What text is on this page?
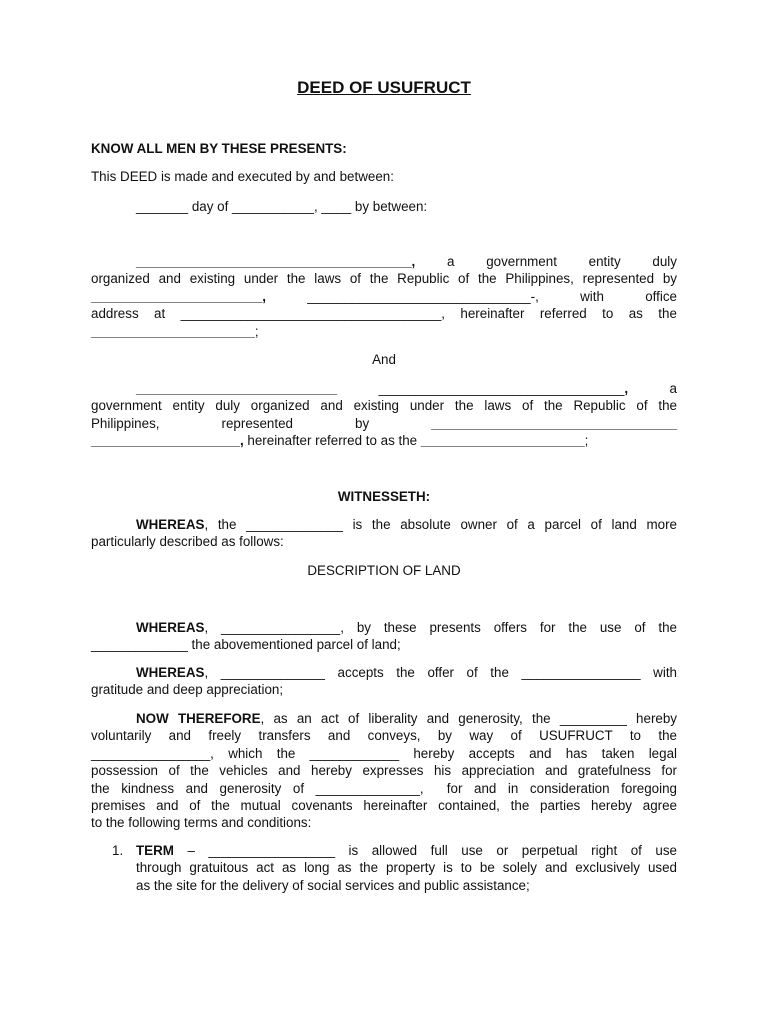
DEED OF USUFRUCT
KNOW ALL MEN BY THESE PRESENTS:
This DEED is made and executed by and between:
_______ day of ___________, ____ by between:
_____________________________________, a government entity duly
organized and existing under the laws of the Republic of the Philippines, represented by
_______________________,	______________________________-,	with	office
address at ___________________________________, hereinafter referred to as the
______________________;
And
___________________________	_________________________________,	a
government entity duly organized and existing under the laws of the Republic of the
Philippines,	represented	by	_________________________________
____________________, hereinafter referred to as the ______________________;
WITNESSETH:
WHEREAS, the _____________ is the absolute owner of a parcel of land more
particularly described as follows:
DESCRIPTION OF LAND
WHEREAS, ________________, by these presents offers for the use of the
_____________ the abovementioned parcel of land;
WHEREAS, ______________ accepts the offer of the ________________ with
gratitude and deep appreciation;
NOW THEREFORE, as an act of liberality and generosity, the _________ hereby
voluntarily and freely transfers and conveys, by way of USUFRUCT to the
________________, which the ____________ hereby accepts and has taken legal
possession of the vehicles and hereby expresses his appreciation and gratefulness for
the kindness and generosity of ______________,  for and in consideration foregoing
premises and of the mutual covenants hereinafter contained, the parties hereby agree
to the following terms and conditions:
1. TERM – _________________ is allowed full use or perpetual right of use
through gratuitous act as long as the property is to be solely and exclusively used
as the site for the delivery of social services and public assistance;
